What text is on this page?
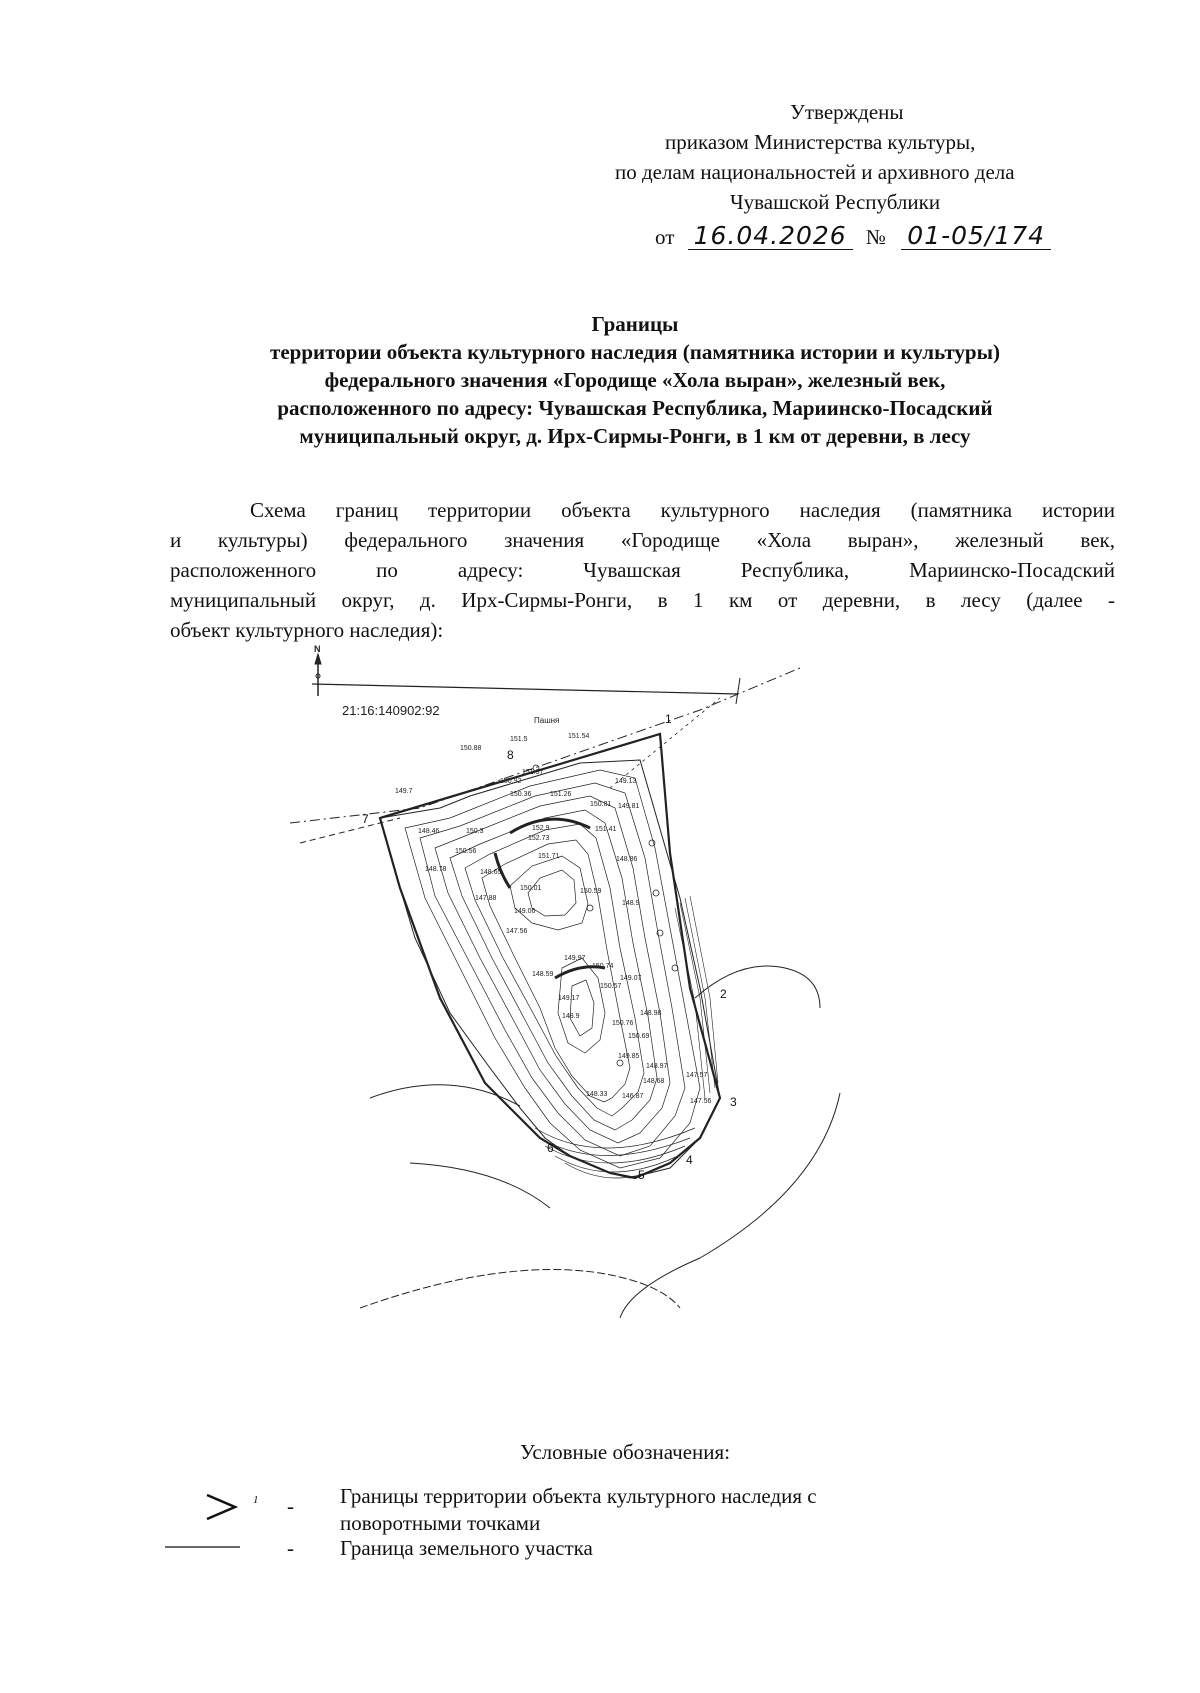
Утверждены
приказом Министерства культуры,
по делам национальностей и архивного дела
Чувашской Республики
от 16.04.2026 № 01-05/174
Границы
территории объекта культурного наследия (памятника истории и культуры)
федерального значения «Городище «Хола выран», железный век,
расположенного по адресу: Чувашская Республика, Мариинско-Посадский
муниципальный округ, д. Ирх-Сирмы-Ронги, в 1 км от деревни, в лесу
Схема границ территории объекта культурного наследия (памятника истории
и культуры) федерального значения «Городище «Хола выран», железный век,
расположенного по адресу: Чувашская Республика, Мариинско-Посадский
муниципальный округ, д. Ирх-Сирмы-Ронги, в 1 км от деревни, в лесу (далее -
объект культурного наследия):
N
21:16:140902:92
Пашня	1
2
3
4
5
6
7
8
151.5	151.54
150.88
151.37
150.92	149.13
149.7	150.36	151.26
150.81 149.81
148.46	150.3	152.9	151.41
150.56
152.73
151.71	148.86
148.78	148.65
150.01	150.59
147.88
148.9
149.06
147.56
149.97
150.74
148.59
149.07
150.57
149.17
148.9	148.98
150.76
150.69
149.85
148.97
147.57
148.68
148.33 146.87
147.56
Условные обозначения:
1 - Границы территории объекта культурного наследия с
поворотными точками
- Граница земельного участка
